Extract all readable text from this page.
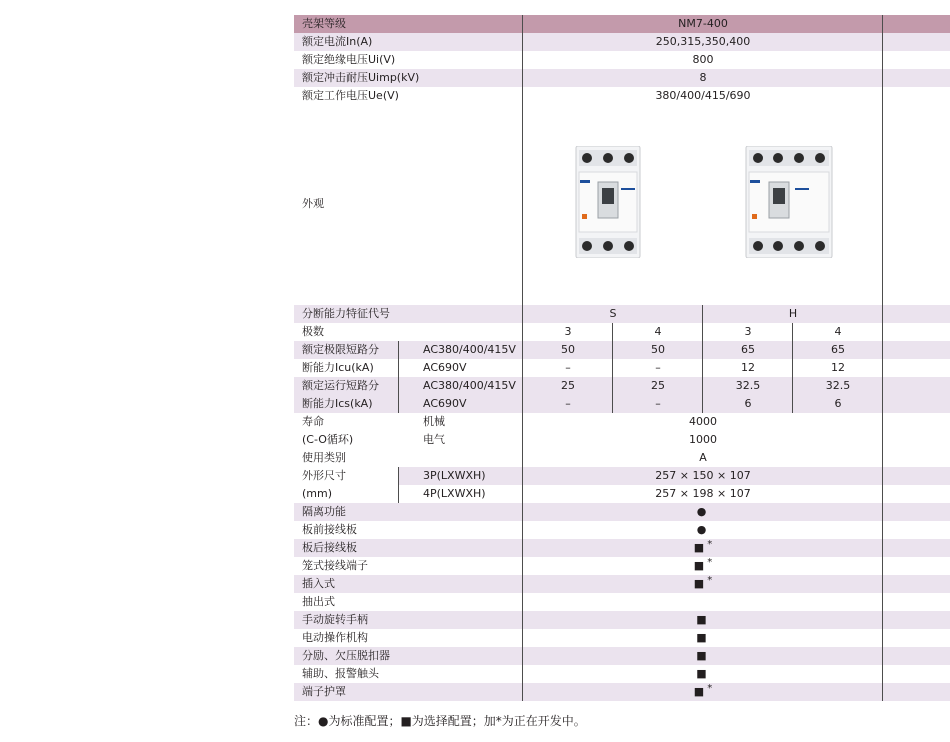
壳架等级	NM7-400
额定电流In(A)	250,315,350,400
额定绝缘电压Ui(V)	800
额定冲击耐压Uimp(kV)	8
额定工作电压Ue(V)	380/400/415/690
外观
分断能力特征代号	S	H
极数	3	4	3	4
额定极限短路分	AC380/400/415V	50	50	65	65
断能力Icu(kA)	AC690V	–	–	12	12
额定运行短路分	AC380/400/415V	25	25	32.5	32.5
断能力Ics(kA)	AC690V	–	–	6	6
寿命	机械	4000
(C-O循环)	电气	1000
使用类别	A
外形尺寸	3P(LXWXH)	257 × 150 × 107
(mm)	4P(LXWXH)	257 × 198 × 107
隔离功能	●
板前接线板	●
板后接线板	■ *
笼式接线端子	■ *
插入式	■ *
抽出式
手动旋转手柄	■
电动操作机构	■
分励、欠压脱扣器	■
辅助、报警触头	■
端子护罩	■ *
注：●为标准配置；■为选择配置；加*为正在开发中。
